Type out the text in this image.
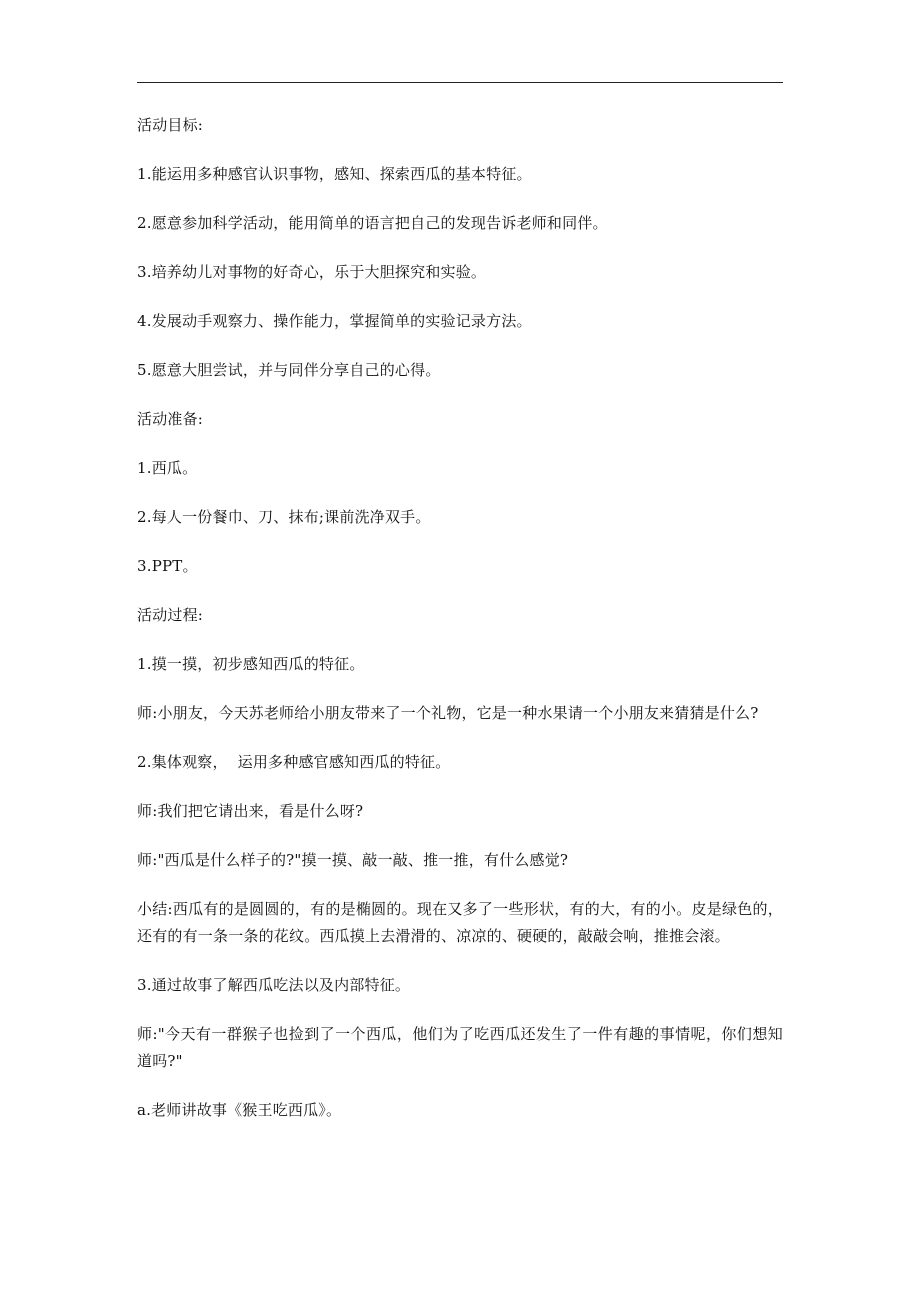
活动目标:

1.能运用多种感官认识事物，感知、探索西瓜的基本特征。

2.愿意参加科学活动，能用简单的语言把自己的发现告诉老师和同伴。

3.培养幼儿对事物的好奇心，乐于大胆探究和实验。

4.发展动手观察力、操作能力，掌握简单的实验记录方法。

5.愿意大胆尝试，并与同伴分享自己的心得。

活动准备:

1.西瓜。

2.每人一份餐巾、刀、抹布;课前洗净双手。

3.PPT。

活动过程:

1.摸一摸，初步感知西瓜的特征。

师:小朋友，今天苏老师给小朋友带来了一个礼物，它是一种水果请一个小朋友来猜猜是什么?

2.集体观察，  运用多种感官感知西瓜的特征。

师:我们把它请出来，看是什么呀?

师:"西瓜是什么样子的?"摸一摸、敲一敲、推一推，有什么感觉?

小结:西瓜有的是圆圆的，有的是椭圆的。现在又多了一些形状，有的大，有的小。皮是绿色的，还有的有一条一条的花纹。西瓜摸上去滑滑的、凉凉的、硬硬的，敲敲会响，推推会滚。

3.通过故事了解西瓜吃法以及内部特征。

师:"今天有一群猴子也捡到了一个西瓜，他们为了吃西瓜还发生了一件有趣的事情呢，你们想知道吗?"

a.老师讲故事《猴王吃西瓜》。
